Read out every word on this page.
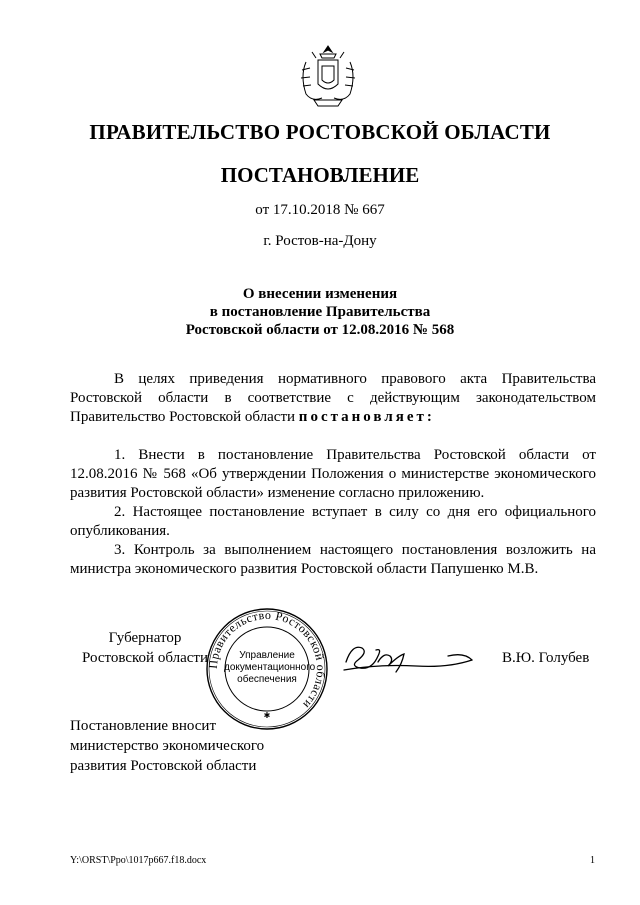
ПРАВИТЕЛЬСТВО РОСТОВСКОЙ ОБЛАСТИ
ПОСТАНОВЛЕНИЕ
от 17.10.2018 № 667
г. Ростов-на-Дону
О внесении изменения
в постановление Правительства
Ростовской области от 12.08.2016 № 568

В целях приведения нормативного правового акта Правительства Ростовской области в соответствие с действующим законодательством Правительство Ростовской области постановляет:

1. Внести в постановление Правительства Ростовской области от 12.08.2016 № 568 «Об утверждении Положения о министерстве экономического развития Ростовской области» изменение согласно приложению.

2. Настоящее постановление вступает в силу со дня его официального опубликования.

3. Контроль за выполнением настоящего постановления возложить на министра экономического развития Ростовской области Папушенко М.В.

Губернатор
Ростовской области
Правительство Ростовской области
✱
Управление
документационного
обеспечения
В.Ю. Голубев
Постановление вносит
министерство экономического
развития Ростовской области
Y:\ORST\Ppo\1017p667.f18.docx	1
